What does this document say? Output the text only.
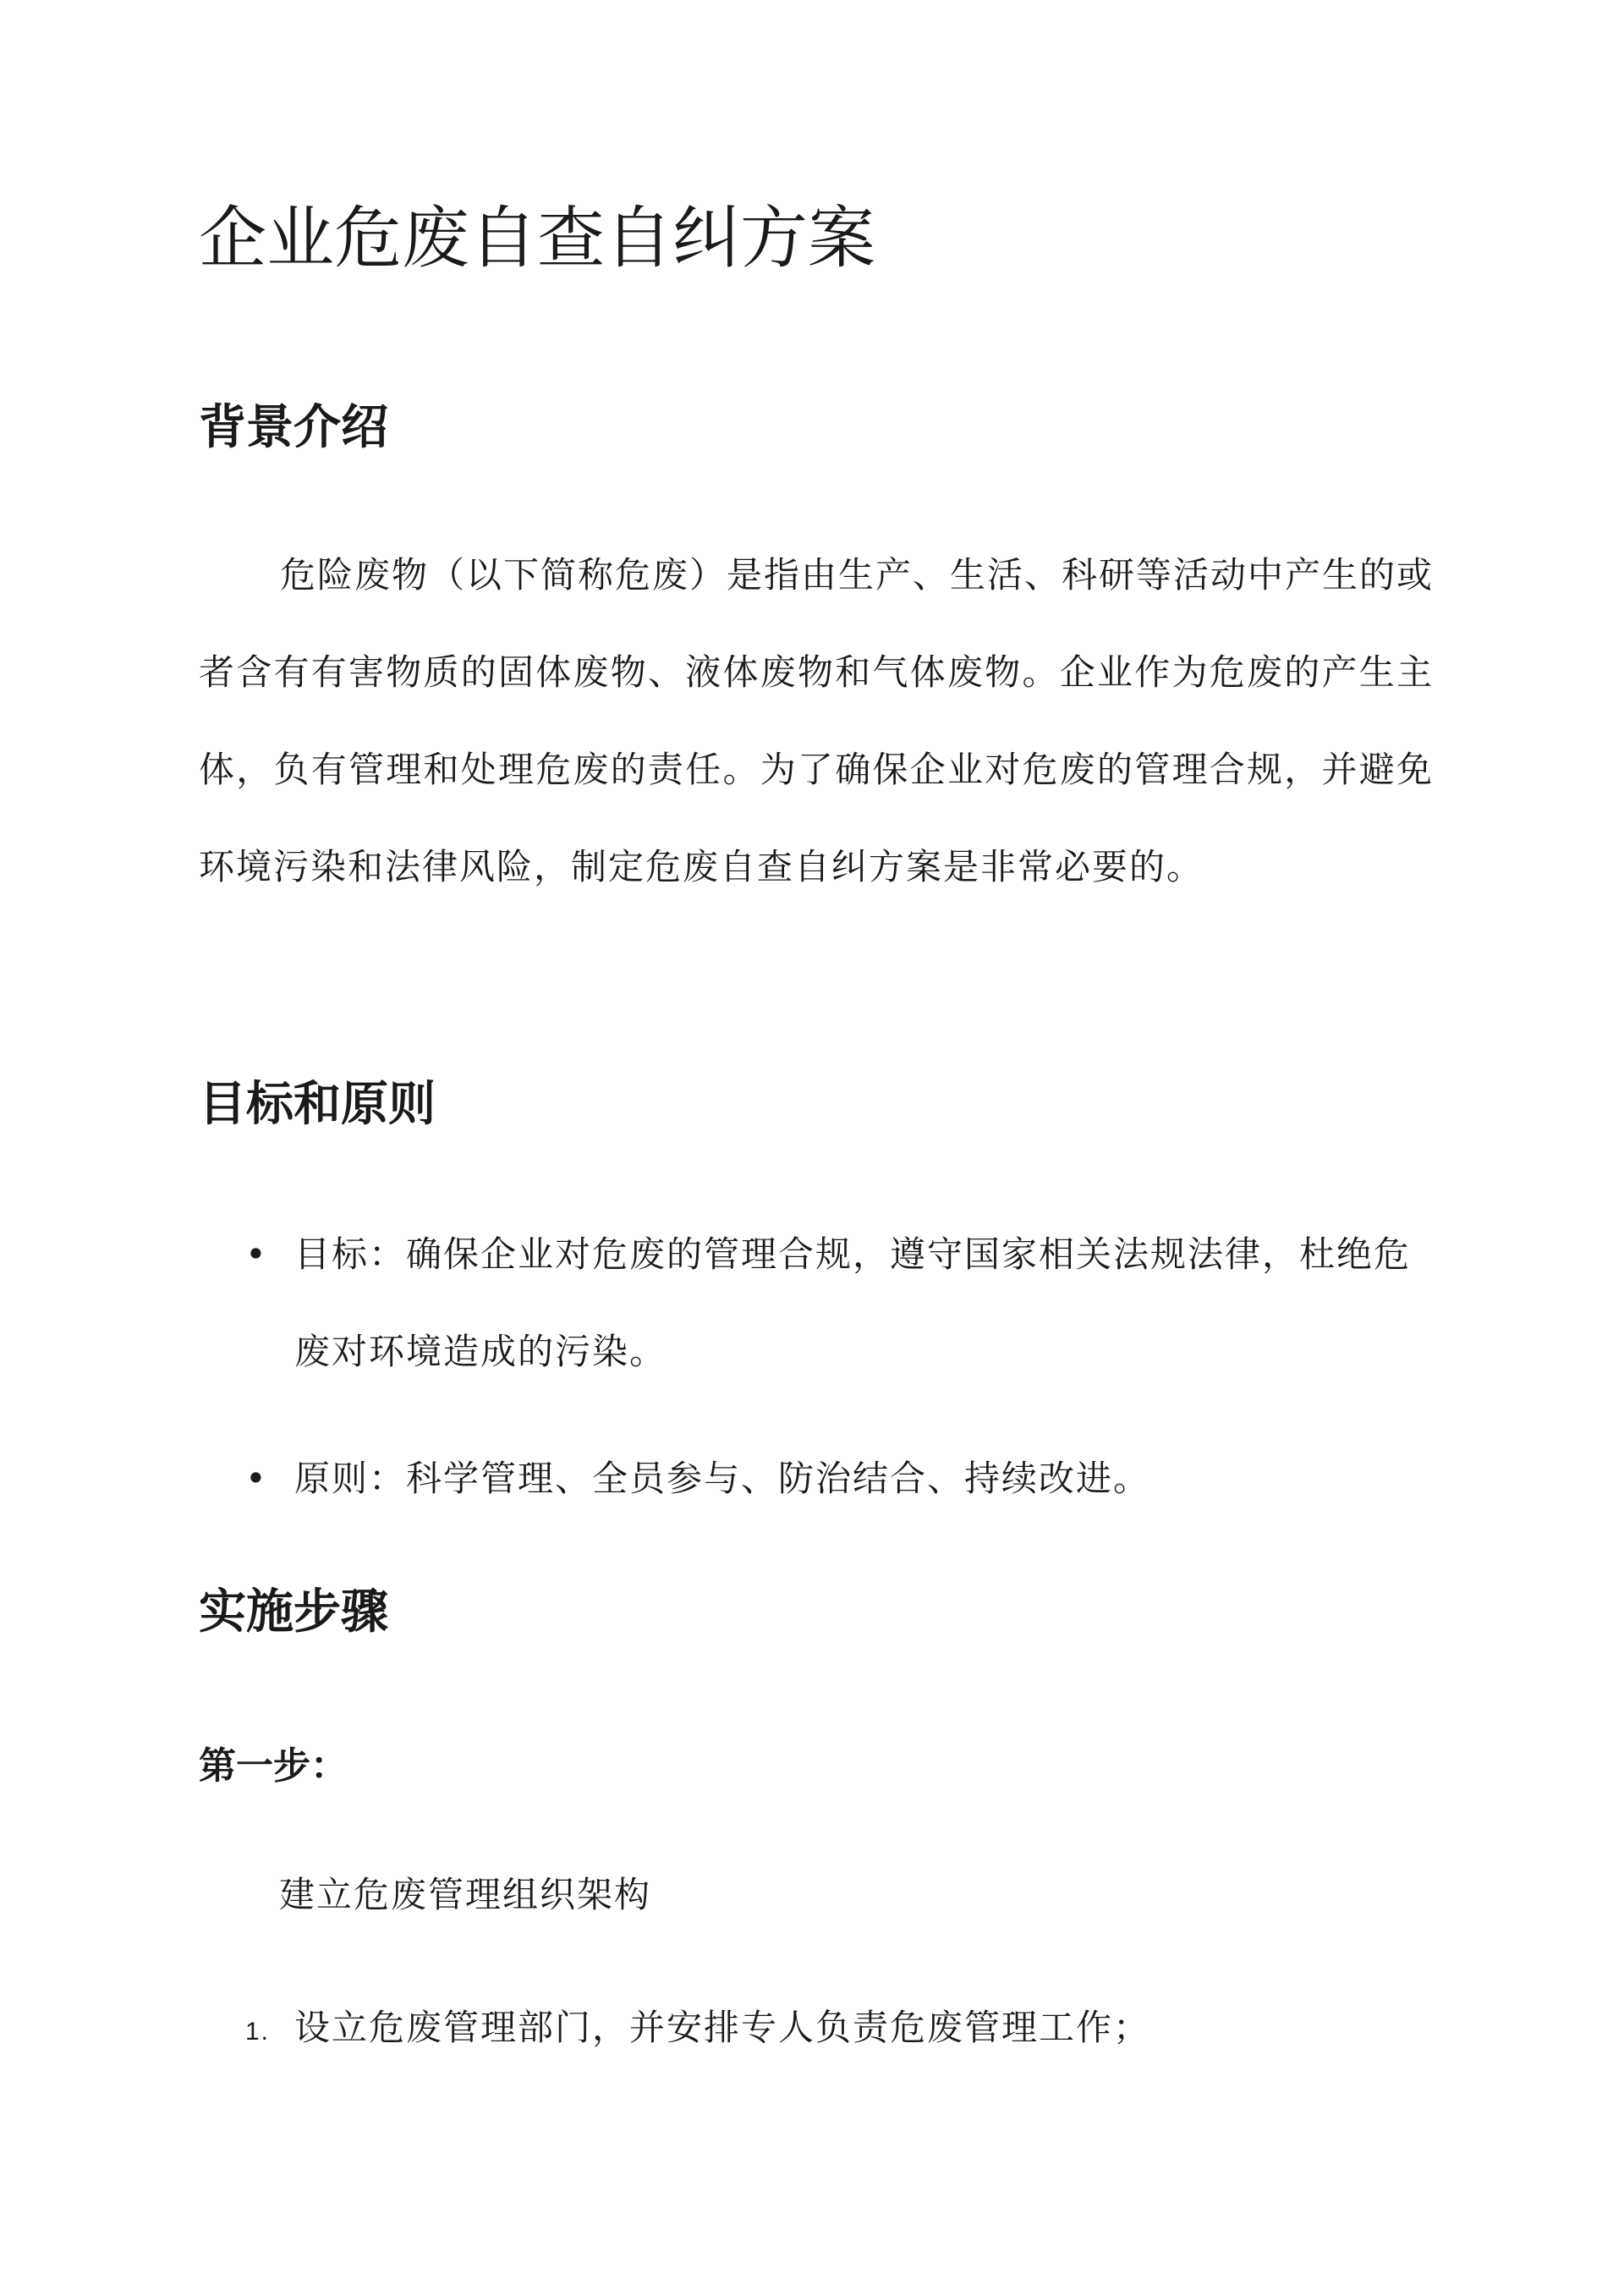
企业危废自查自纠方案
背景介绍

危险废物（以下简称危废）是指由生产、生活、科研等活动中产生的或者含有有害物质的固体废物、液体废物和气体废物。企业作为危废的产生主体，负有管理和处理危废的责任。为了确保企业对危废的管理合规，并避免环境污染和法律风险，制定危废自查自纠方案是非常必要的。

目标和原则
• 目标：确保企业对危废的管理合规，遵守国家相关法规法律，杜绝危废对环境造成的污染。
• 原则：科学管理、全员参与、防治结合、持续改进。
实施步骤
第一步：

建立危废管理组织架构

1. 设立危废管理部门，并安排专人负责危废管理工作；
